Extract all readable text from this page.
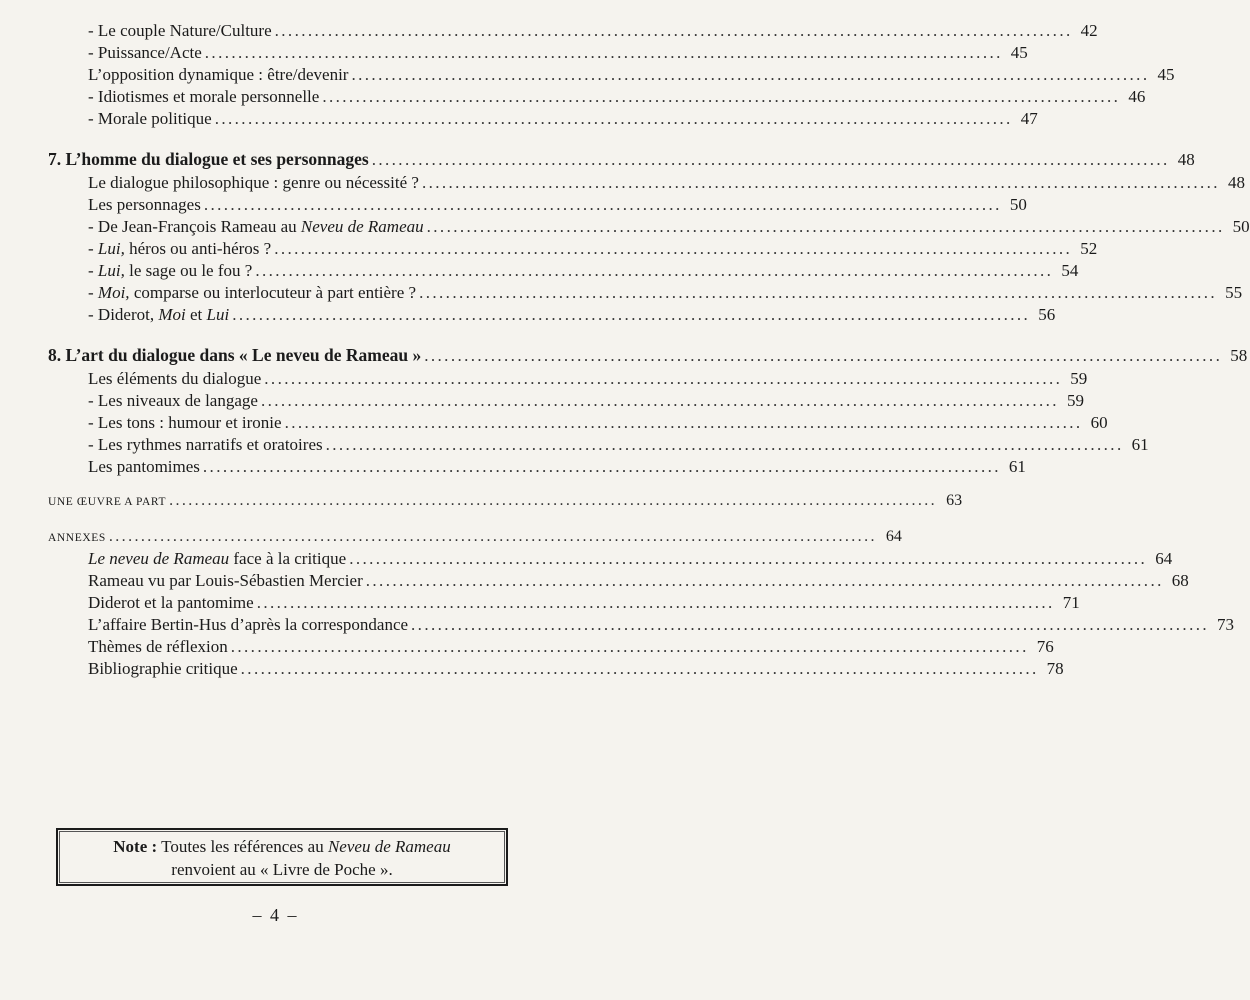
- Le couple Nature/Culture ........................................................................................................................ 42
- Puissance/Acte ........................................................................................................................ 45
L’opposition dynamique : être/devenir ........................................................................................................................ 45
- Idiotismes et morale personnelle ........................................................................................................................ 46
- Morale politique ........................................................................................................................ 47
7. L’homme du dialogue et ses personnages ........................................................................................................................ 48
Le dialogue philosophique : genre ou nécessité ? ........................................................................................................................ 48
Les personnages ........................................................................................................................ 50
- De Jean-François Rameau au Neveu de Rameau ........................................................................................................................ 50
- Lui, héros ou anti-héros ? ........................................................................................................................ 52
- Lui, le sage ou le fou ? ........................................................................................................................ 54
- Moi, comparse ou interlocuteur à part entière ? ........................................................................................................................ 55
- Diderot, Moi et Lui ........................................................................................................................ 56
8. L’art du dialogue dans « Le neveu de Rameau » ........................................................................................................................ 58
Les éléments du dialogue ........................................................................................................................ 59
- Les niveaux de langage ........................................................................................................................ 59
- Les tons : humour et ironie ........................................................................................................................ 60
- Les rythmes narratifs et oratoires ........................................................................................................................ 61
Les pantomimes ........................................................................................................................ 61
UNE ŒUVRE A PART ........................................................................................................................ 63
ANNEXES ........................................................................................................................ 64
Le neveu de Rameau face à la critique ........................................................................................................................ 64
Rameau vu par Louis-Sébastien Mercier ........................................................................................................................ 68
Diderot et la pantomime ........................................................................................................................ 71
L’affaire Bertin-Hus d’après la correspondance ........................................................................................................................ 73
Thèmes de réflexion ........................................................................................................................ 76
Bibliographie critique ........................................................................................................................ 78
Note : Toutes les références au Neveu de Rameau
renvoient au « Livre de Poche ».
– 4 –
